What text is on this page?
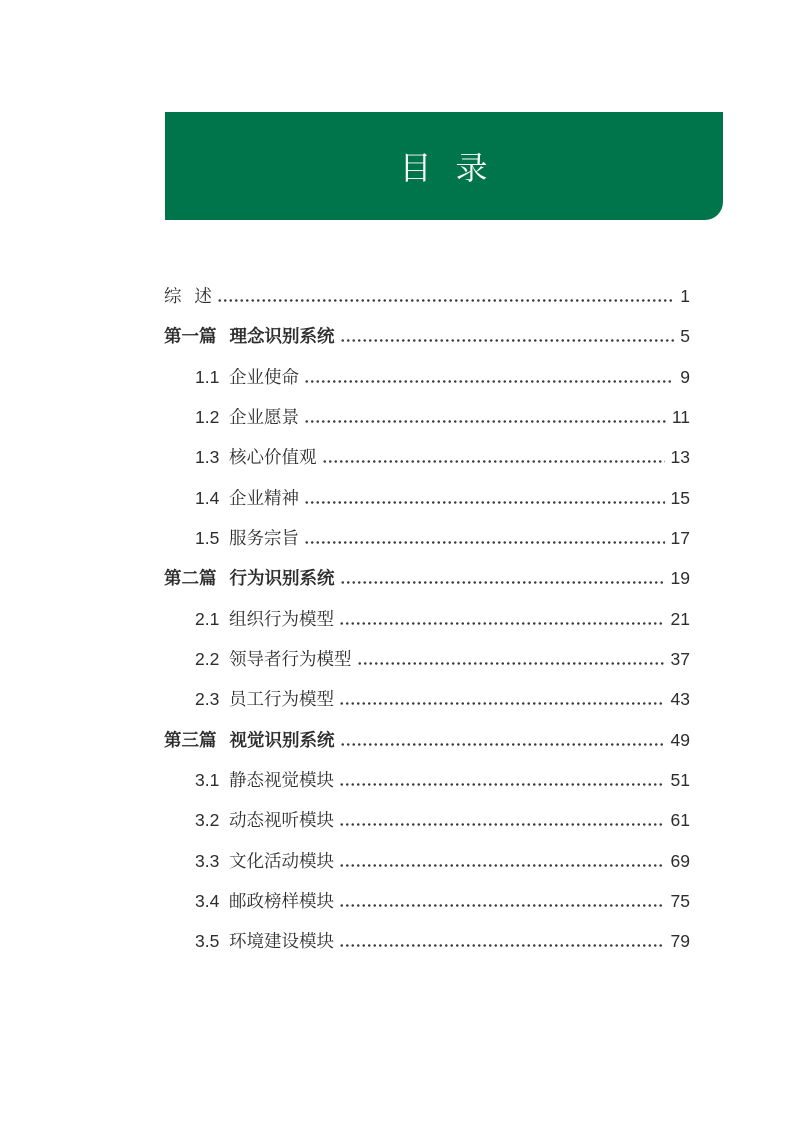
目 录
综 述	1
第一篇 理念识别系统	5
1.1 企业使命	9
1.2 企业愿景	11
1.3 核心价值观	13
1.4 企业精神	15
1.5 服务宗旨	17
第二篇 行为识别系统	19
2.1 组织行为模型	21
2.2 领导者行为模型	37
2.3 员工行为模型	43
第三篇 视觉识别系统	49
3.1 静态视觉模块	51
3.2 动态视听模块	61
3.3 文化活动模块	69
3.4 邮政榜样模块	75
3.5 环境建设模块	79
